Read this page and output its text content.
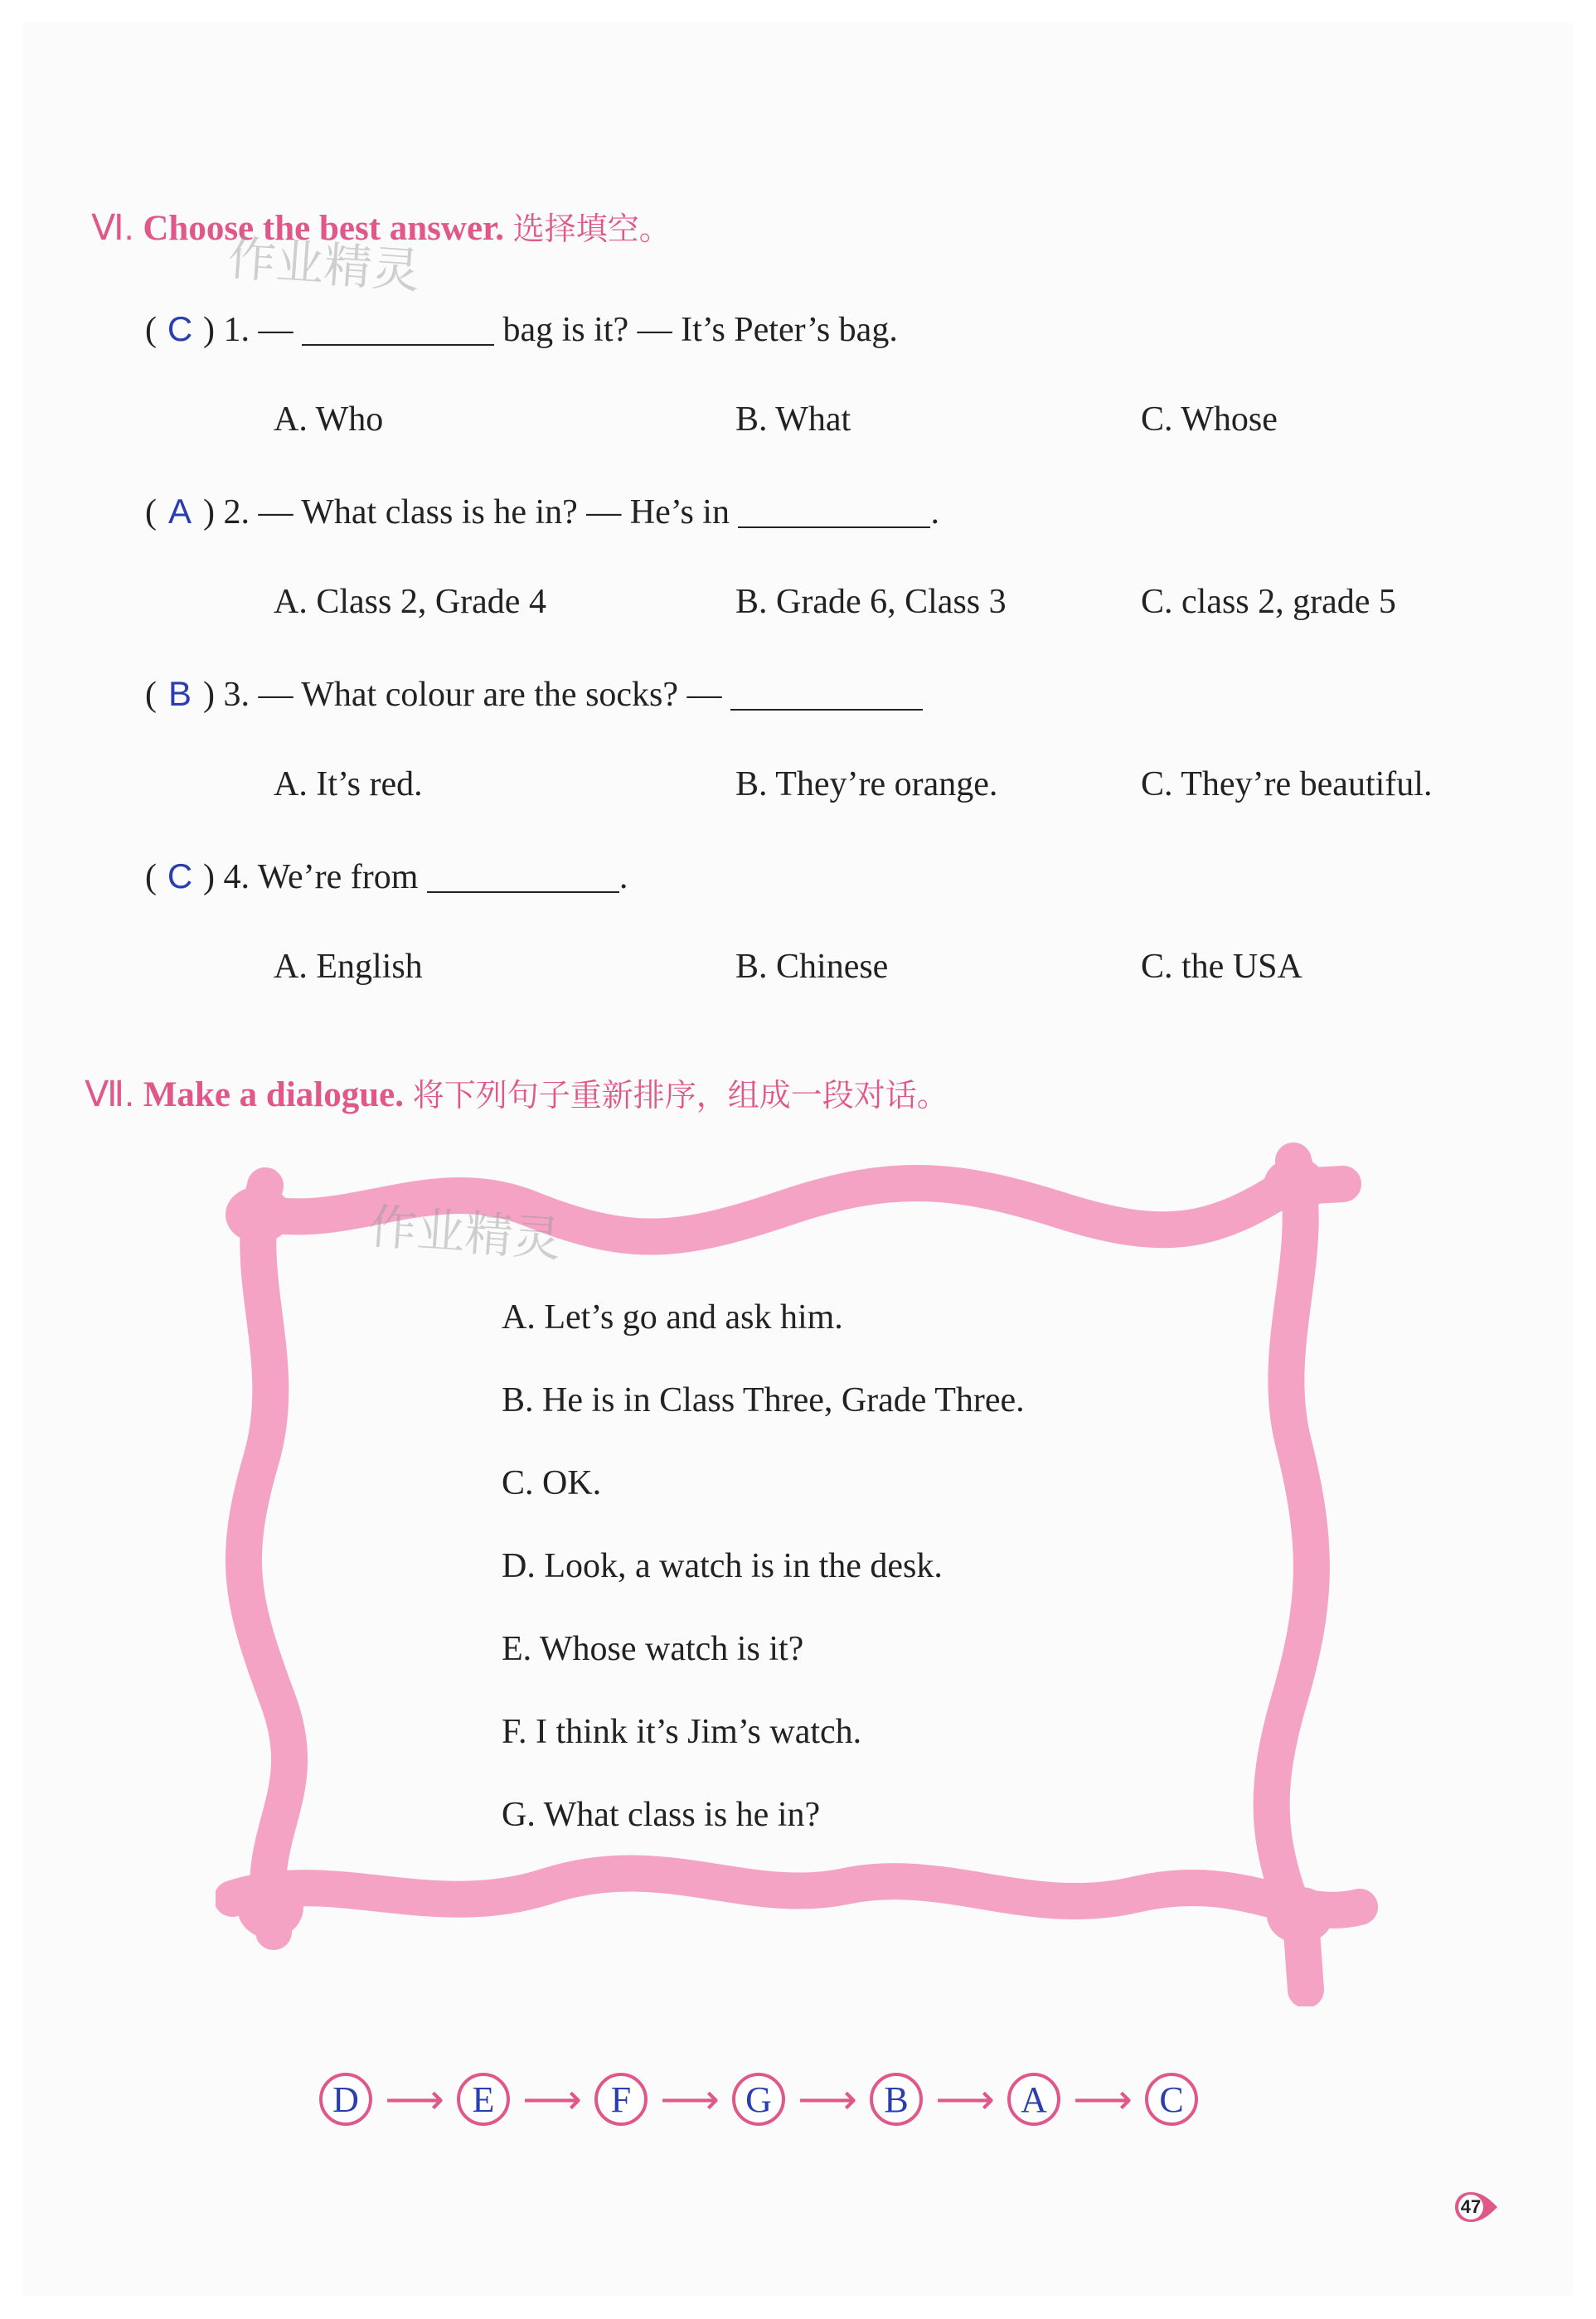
Ⅵ. Choose the best answer. 选择填空。
作业精灵
( C ) 1. —	bag is it? — It’s Peter’s bag.
A. Who	B. What	C. Whose
( A ) 2. — What class is he in? — He’s in	.
A. Class 2, Grade 4	B. Grade 6, Class 3	C. class 2, grade 5
( B ) 3. — What colour are the socks? —
A. It’s red.	B. They’re orange.	C. They’re beautiful.
( C ) 4. We’re from	.
A. English	B. Chinese	C. the USA
Ⅶ. Make a dialogue. 将下列句子重新排序，组成一段对话。
作业精灵
A. Let’s go and ask him.
B. He is in Class Three, Grade Three.
C. OK.
D. Look, a watch is in the desk.
E. Whose watch is it?
F. I think it’s Jim’s watch.
G. What class is he in?
D ⟶ E ⟶ F ⟶ G ⟶ B ⟶ A ⟶ C
47
